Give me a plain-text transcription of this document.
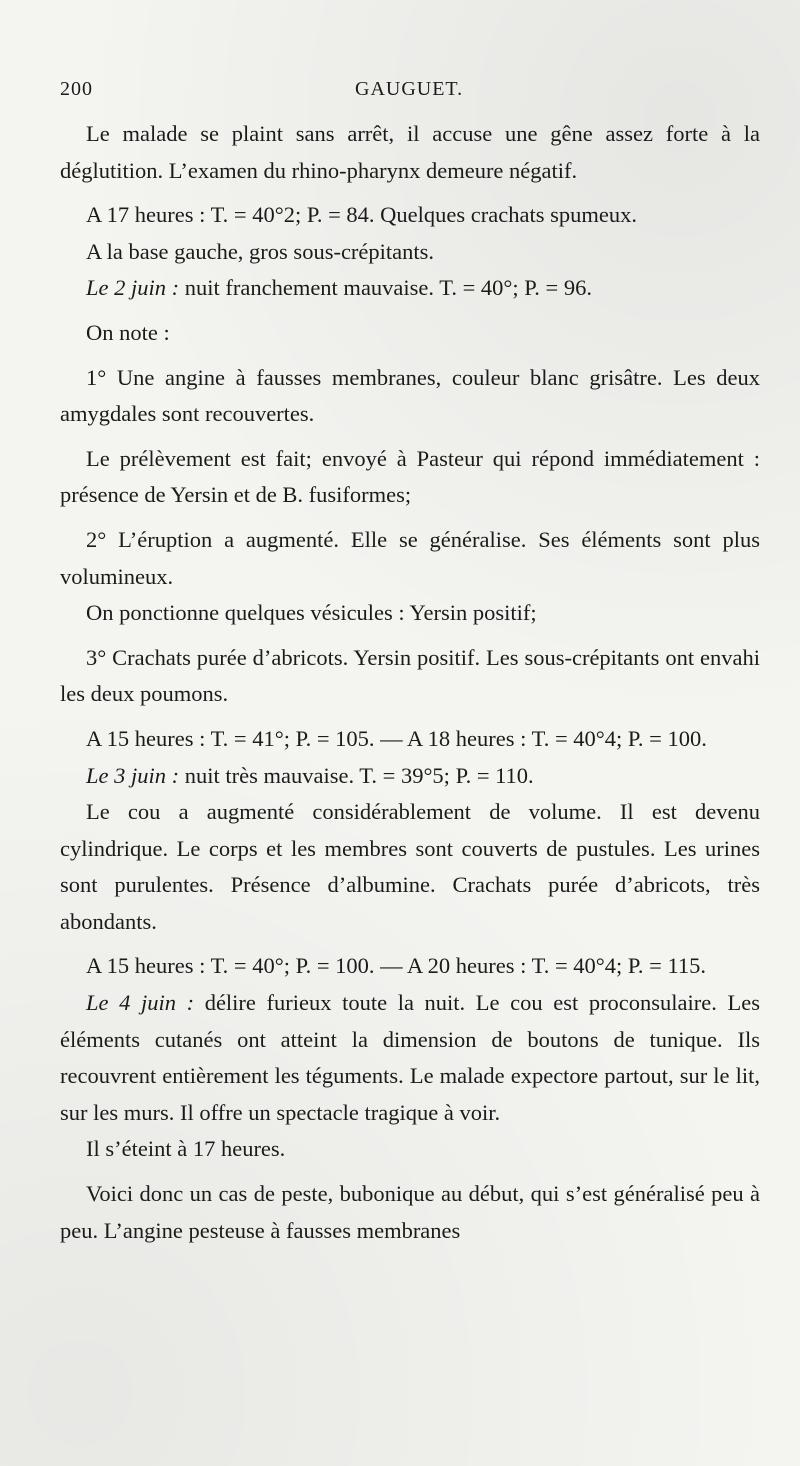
200	GAUGUET.

Le malade se plaint sans arrêt, il accuse une gêne assez forte à la déglutition. L’examen du rhino-pharynx demeure négatif.

A 17 heures : T. = 40°2; P. = 84. Quelques crachats spumeux.

A la base gauche, gros sous-crépitants.

Le 2 juin : nuit franchement mauvaise. T. = 40°; P. = 96.

On note :

1° Une angine à fausses membranes, couleur blanc grisâtre. Les deux amygdales sont recouvertes.

Le prélèvement est fait; envoyé à Pasteur qui répond immédiatement : présence de Yersin et de B. fusiformes;

2° L’éruption a augmenté. Elle se généralise. Ses éléments sont plus volumineux.

On ponctionne quelques vésicules : Yersin positif;

3° Crachats purée d’abricots. Yersin positif. Les sous-crépitants ont envahi les deux poumons.

A 15 heures : T. = 41°; P. = 105. — A 18 heures : T. = 40°4; P. = 100.

Le 3 juin : nuit très mauvaise. T. = 39°5; P. = 110.

Le cou a augmenté considérablement de volume. Il est devenu cylindrique. Le corps et les membres sont couverts de pustules. Les urines sont purulentes. Présence d’albumine. Crachats purée d’abricots, très abondants.

A 15 heures : T. = 40°; P. = 100. — A 20 heures : T. = 40°4; P. = 115.

Le 4 juin : délire furieux toute la nuit. Le cou est proconsulaire. Les éléments cutanés ont atteint la dimension de boutons de tunique. Ils recouvrent entièrement les téguments. Le malade expectore partout, sur le lit, sur les murs. Il offre un spectacle tragique à voir.

Il s’éteint à 17 heures.

Voici donc un cas de peste, bubonique au début, qui s’est généralisé peu à peu. L’angine pesteuse à fausses membranes
